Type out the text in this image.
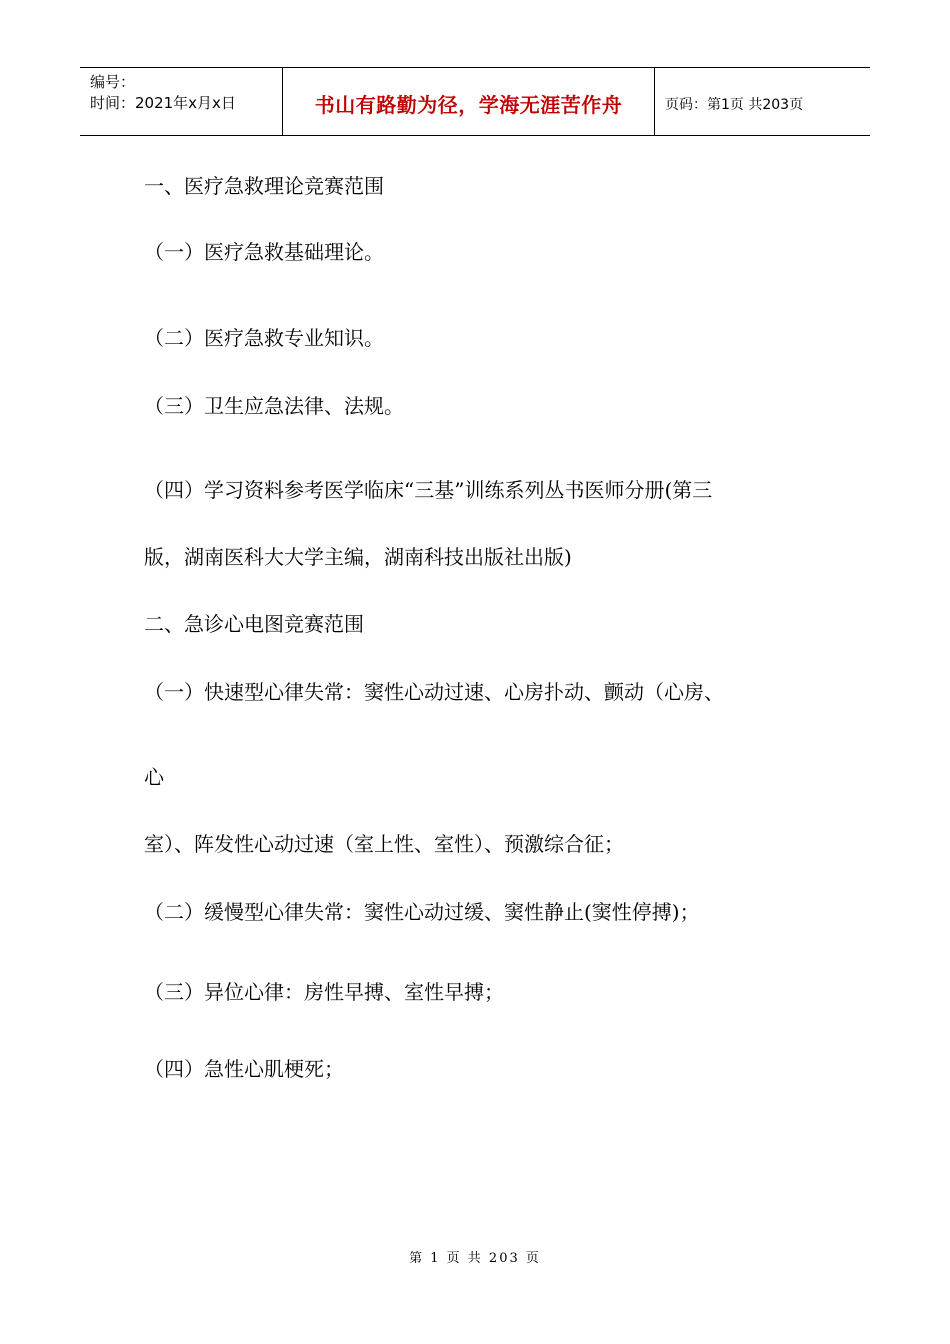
编号：
时间：2021年x月x日	书山有路勤为径，学海无涯苦作舟	页码：第1页 共203页
一、医疗急救理论竞赛范围
（一）医疗急救基础理论。
（二）医疗急救专业知识。
（三）卫生应急法律、法规。
（四）学习资料参考医学临床“三基”训练系列丛书医师分册(第三
版，湖南医科大大学主编，湖南科技出版社出版)
二、急诊心电图竞赛范围
（一）快速型心律失常：窦性心动过速、心房扑动、颤动（心房、
心
室）、阵发性心动过速（室上性、室性）、预激综合征；
（二）缓慢型心律失常：窦性心动过缓、窦性静止(窦性停搏)；
（三）异位心律：房性早搏、室性早搏；
（四）急性心肌梗死；
第 1 页 共 203 页
